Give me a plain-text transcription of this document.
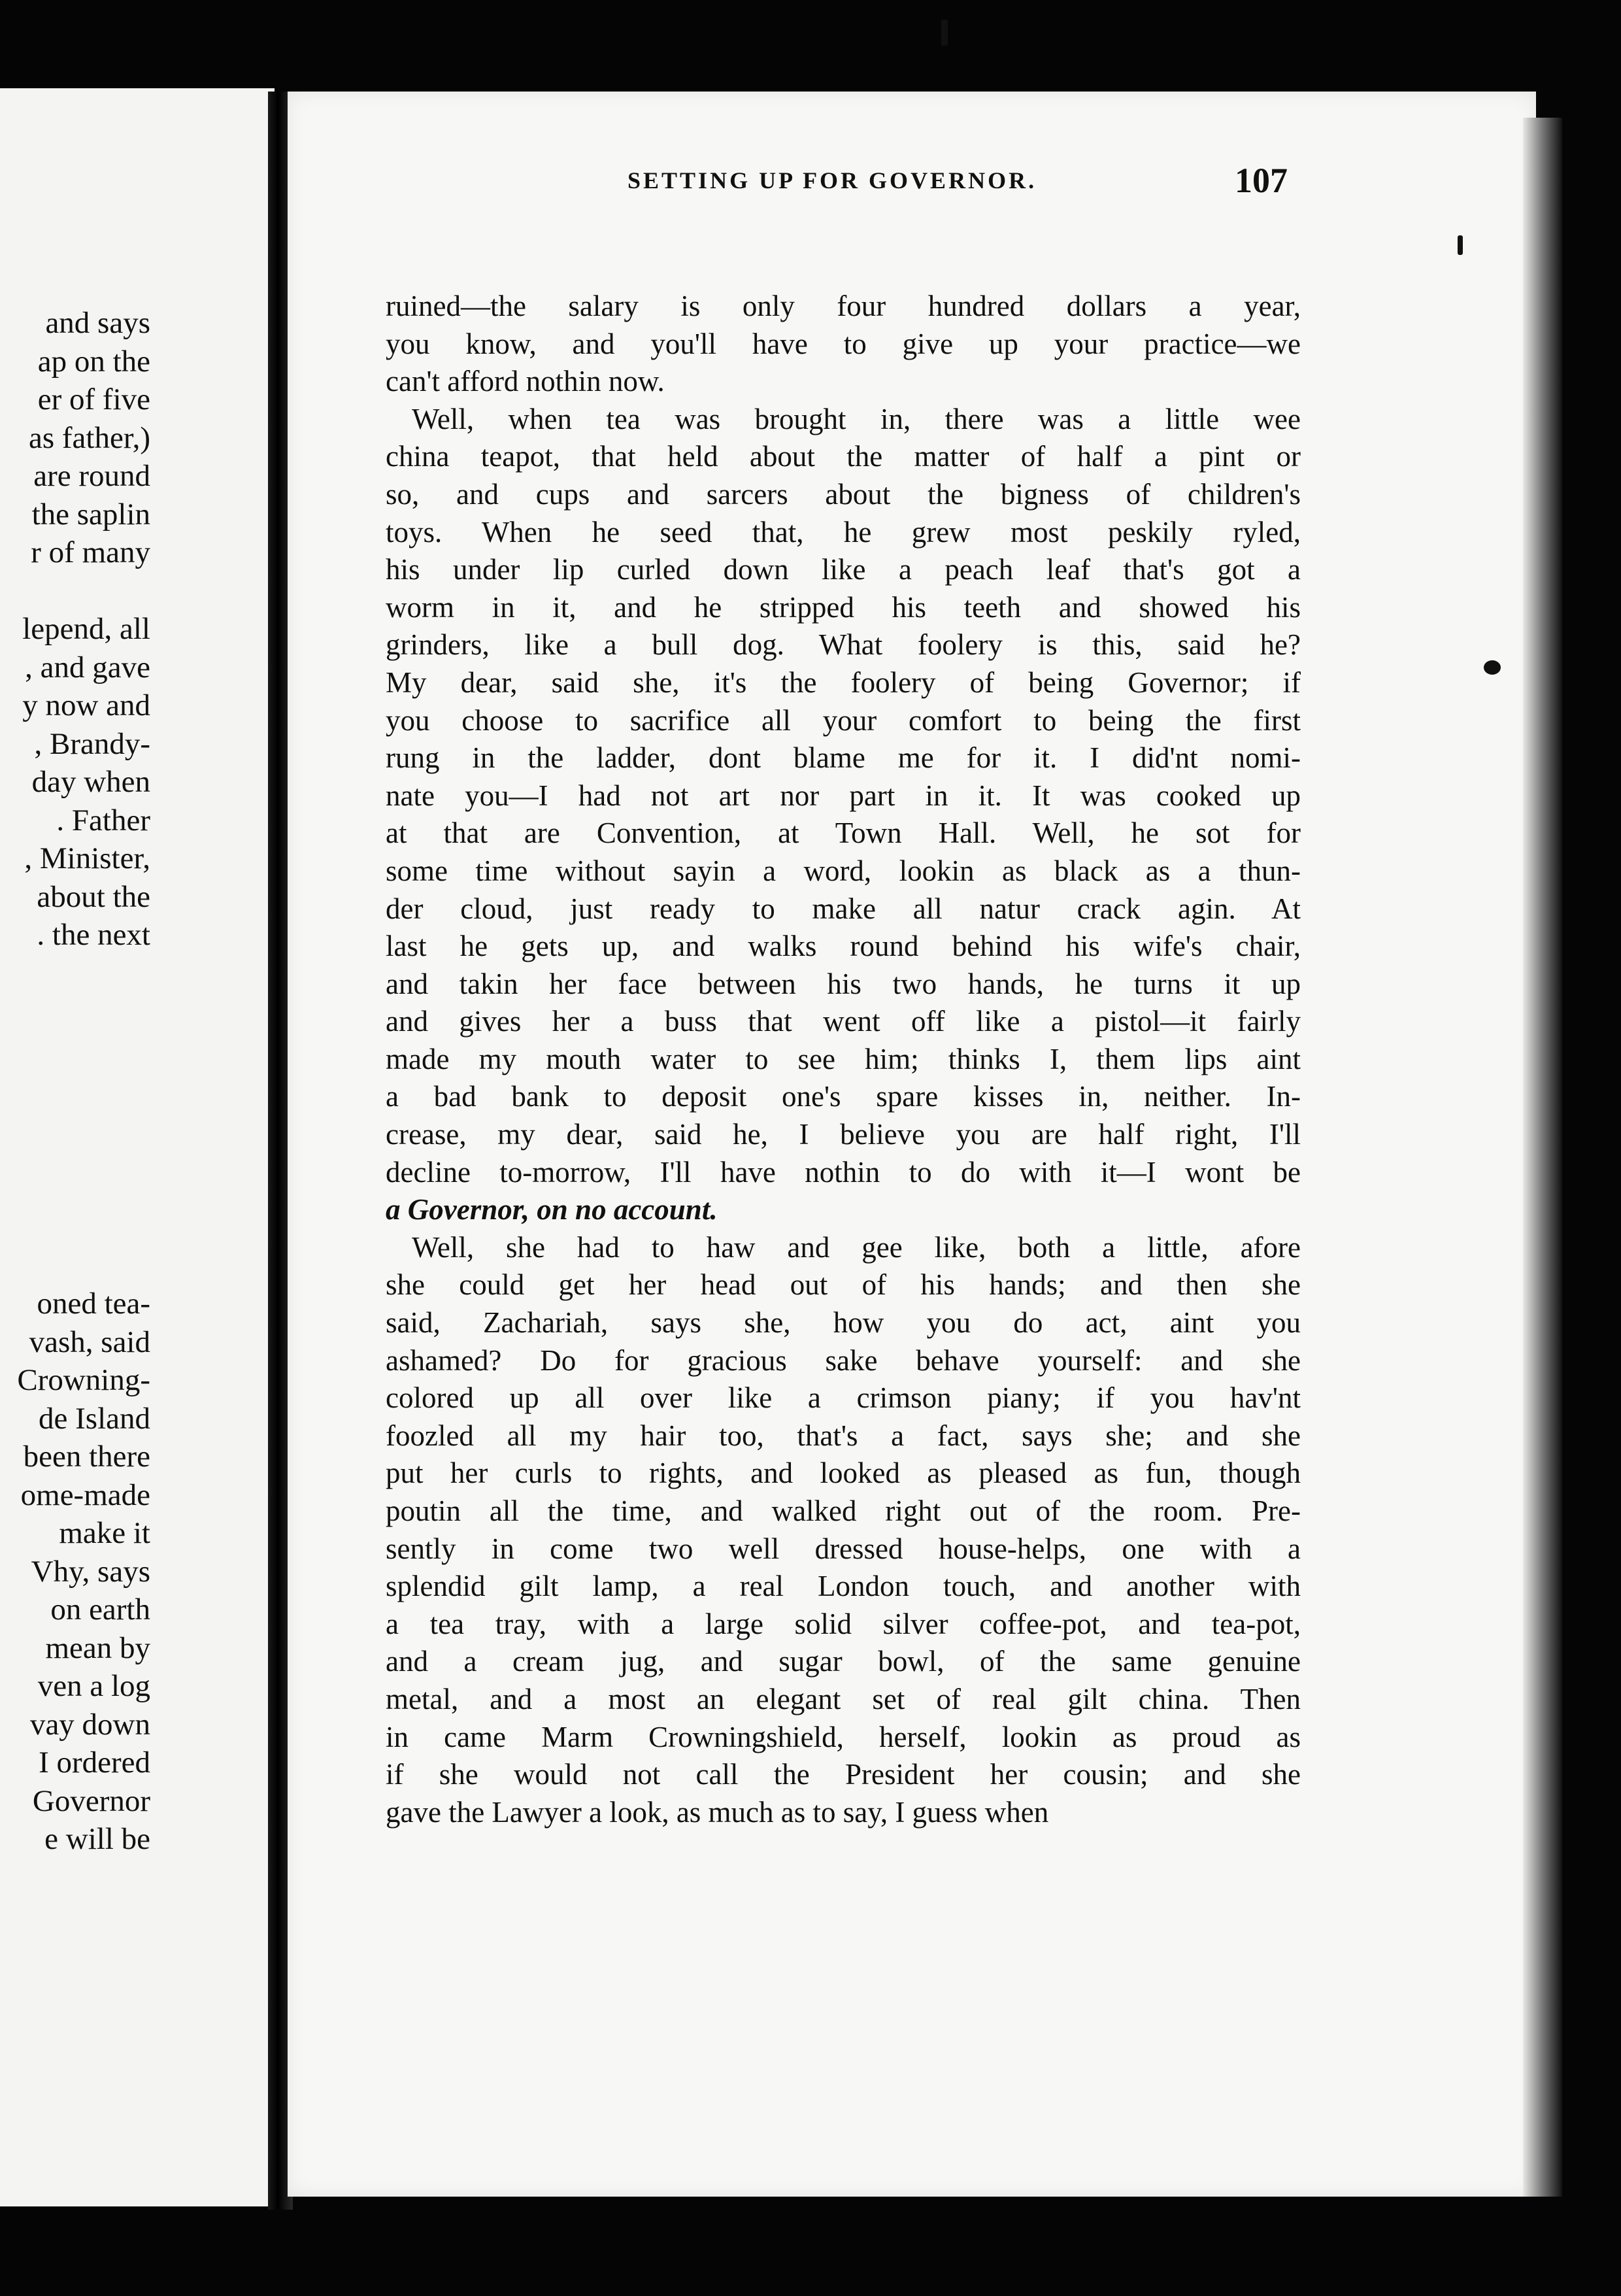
and says
ap on the
er of five
as father,)
are round
the saplin
r of many

lepend, all
, and gave
y now and
, Brandy-
day when
. Father
, Minister,
about the
. the next
oned tea-
vash, said
Crowning-
de Island
been there
ome-made
make it
Vhy, says
on earth
mean by
ven a log
vay down
I ordered
Governor
e will be
SETTING UP FOR GOVERNOR.	107
ruined—the salary is only four hundred dollars a year,
you know, and you'll have to give up your practice—we
can't afford nothin now.
Well, when tea was brought in, there was a little wee
china teapot, that held about the matter of half a pint or
so, and cups and sarcers about the bigness of children's
toys. When he seed that, he grew most peskily ryled,
his under lip curled down like a peach leaf that's got a
worm in it, and he stripped his teeth and showed his
grinders, like a bull dog. What foolery is this, said he?
My dear, said she, it's the foolery of being Governor; if
you choose to sacrifice all your comfort to being the first
rung in the ladder, dont blame me for it. I did'nt nomi-
nate you—I had not art nor part in it. It was cooked up
at that are Convention, at Town Hall. Well, he sot for
some time without sayin a word, lookin as black as a thun-
der cloud, just ready to make all natur crack agin. At
last he gets up, and walks round behind his wife's chair,
and takin her face between his two hands, he turns it up
and gives her a buss that went off like a pistol—it fairly
made my mouth water to see him; thinks I, them lips aint
a bad bank to deposit one's spare kisses in, neither. In-
crease, my dear, said he, I believe you are half right, I'll
decline to-morrow, I'll have nothin to do with it—I wont be
a Governor, on no account.
Well, she had to haw and gee like, both a little, afore
she could get her head out of his hands; and then she
said, Zachariah, says she, how you do act, aint you
ashamed? Do for gracious sake behave yourself: and she
colored up all over like a crimson piany; if you hav'nt
foozled all my hair too, that's a fact, says she; and she
put her curls to rights, and looked as pleased as fun, though
poutin all the time, and walked right out of the room. Pre-
sently in come two well dressed house-helps, one with a
splendid gilt lamp, a real London touch, and another with
a tea tray, with a large solid silver coffee-pot, and tea-pot,
and a cream jug, and sugar bowl, of the same genuine
metal, and a most an elegant set of real gilt china. Then
in came Marm Crowningshield, herself, lookin as proud as
if she would not call the President her cousin; and she
gave the Lawyer a look, as much as to say, I guess when
